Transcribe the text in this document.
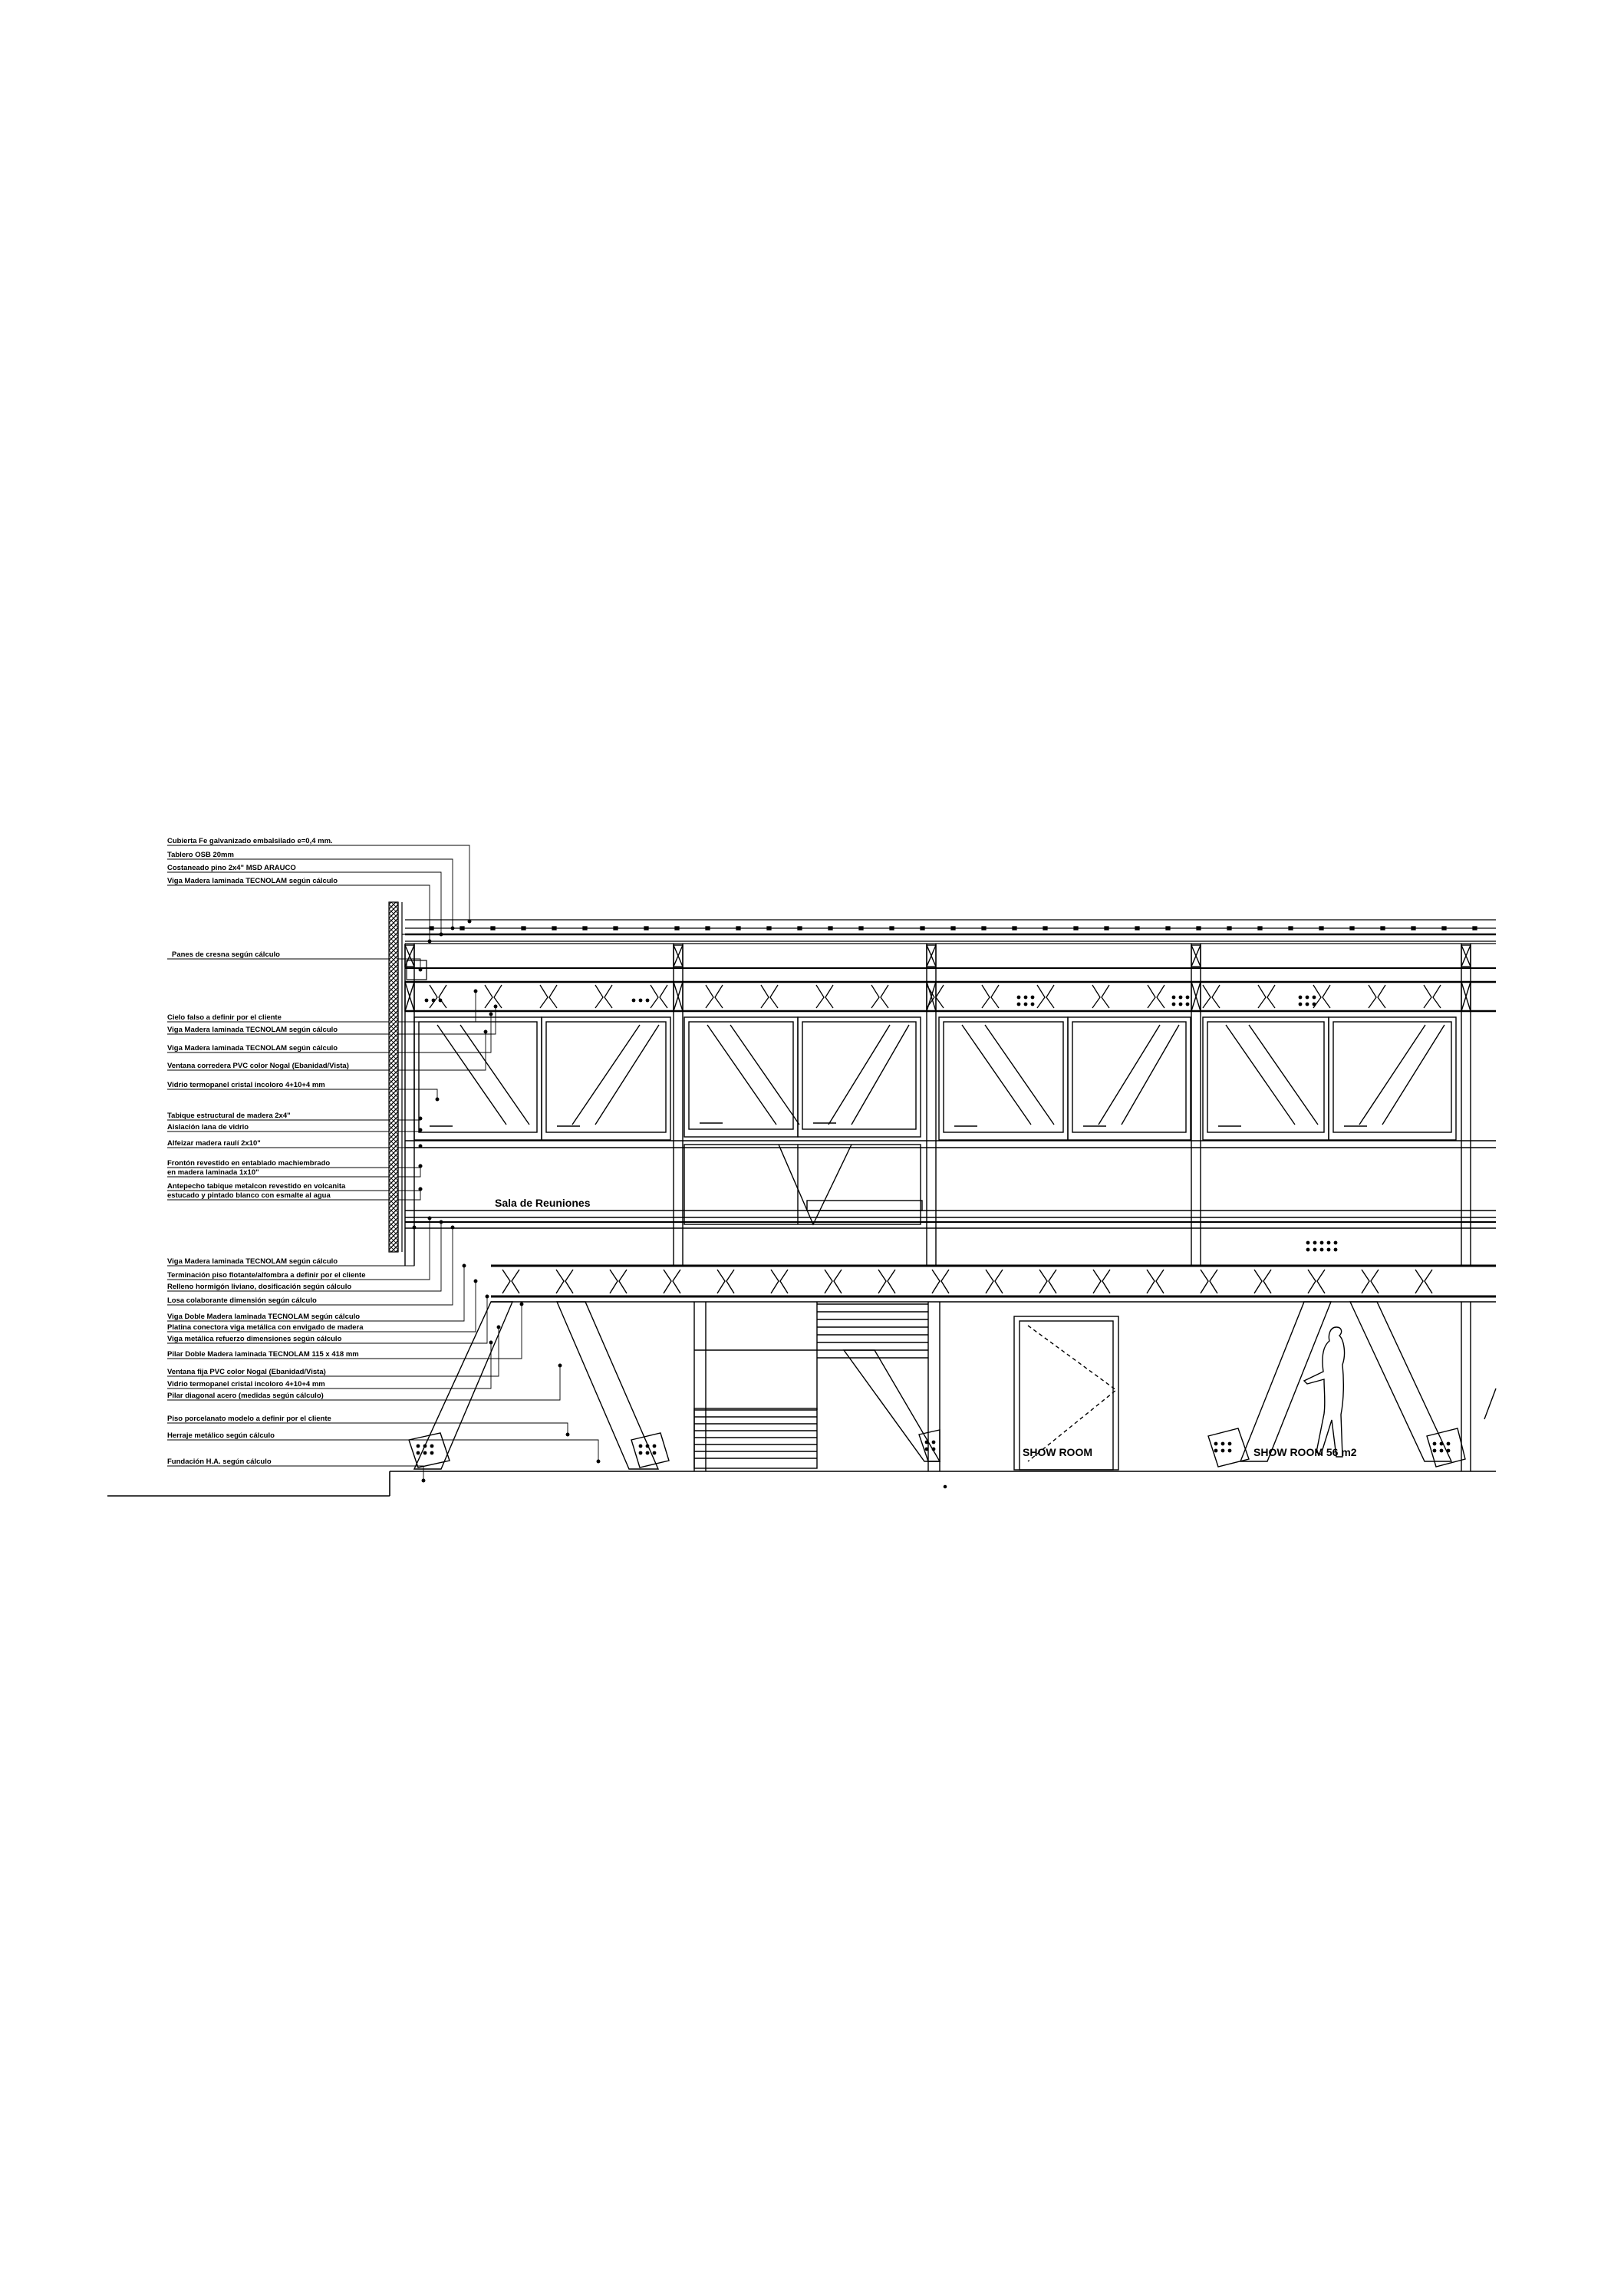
Cubierta Fe galvanizado embalsilado e=0,4 mm.
Tablero OSB 20mm
Costaneado pino 2x4" MSD ARAUCO
Viga Madera laminada TECNOLAM según cálculo
Panes de cresna según cálculo
Cielo falso a definir por el cliente
Viga Madera laminada TECNOLAM según cálculo
Viga Madera laminada TECNOLAM según cálculo
Ventana corredera PVC color Nogal (Ebanidad/Vista)
Vidrio termopanel cristal incoloro 4+10+4 mm
Tabique estructural de madera 2x4"
Aislación lana de vidrio
Alfeizar madera raulí 2x10"
Frontón revestido en entablado machiembrado
en madera laminada 1x10"
Antepecho tabique metalcon revestido en volcanita
estucado y pintado blanco con esmalte al agua
Viga Madera laminada TECNOLAM según cálculo
Terminación piso flotante/alfombra a definir por el cliente
Relleno hormigón liviano, dosificación según cálculo
Losa colaborante dimensión según cálculo
Viga Doble Madera laminada TECNOLAM según cálculo
Platina conectora viga metálica con envigado de madera
Viga metálica refuerzo dimensiones según cálculo
Pilar Doble Madera laminada TECNOLAM 115 x 418 mm
Ventana fija PVC color Nogal (Ebanidad/Vista)
Vidrio termopanel cristal incoloro 4+10+4 mm
Pilar diagonal acero (medidas según cálculo)
Piso porcelanato modelo a definir por el cliente
Herraje metálico según cálculo
Fundación H.A. según cálculo
Sala de Reuniones
SHOW ROOM	SHOW ROOM 56 m2
